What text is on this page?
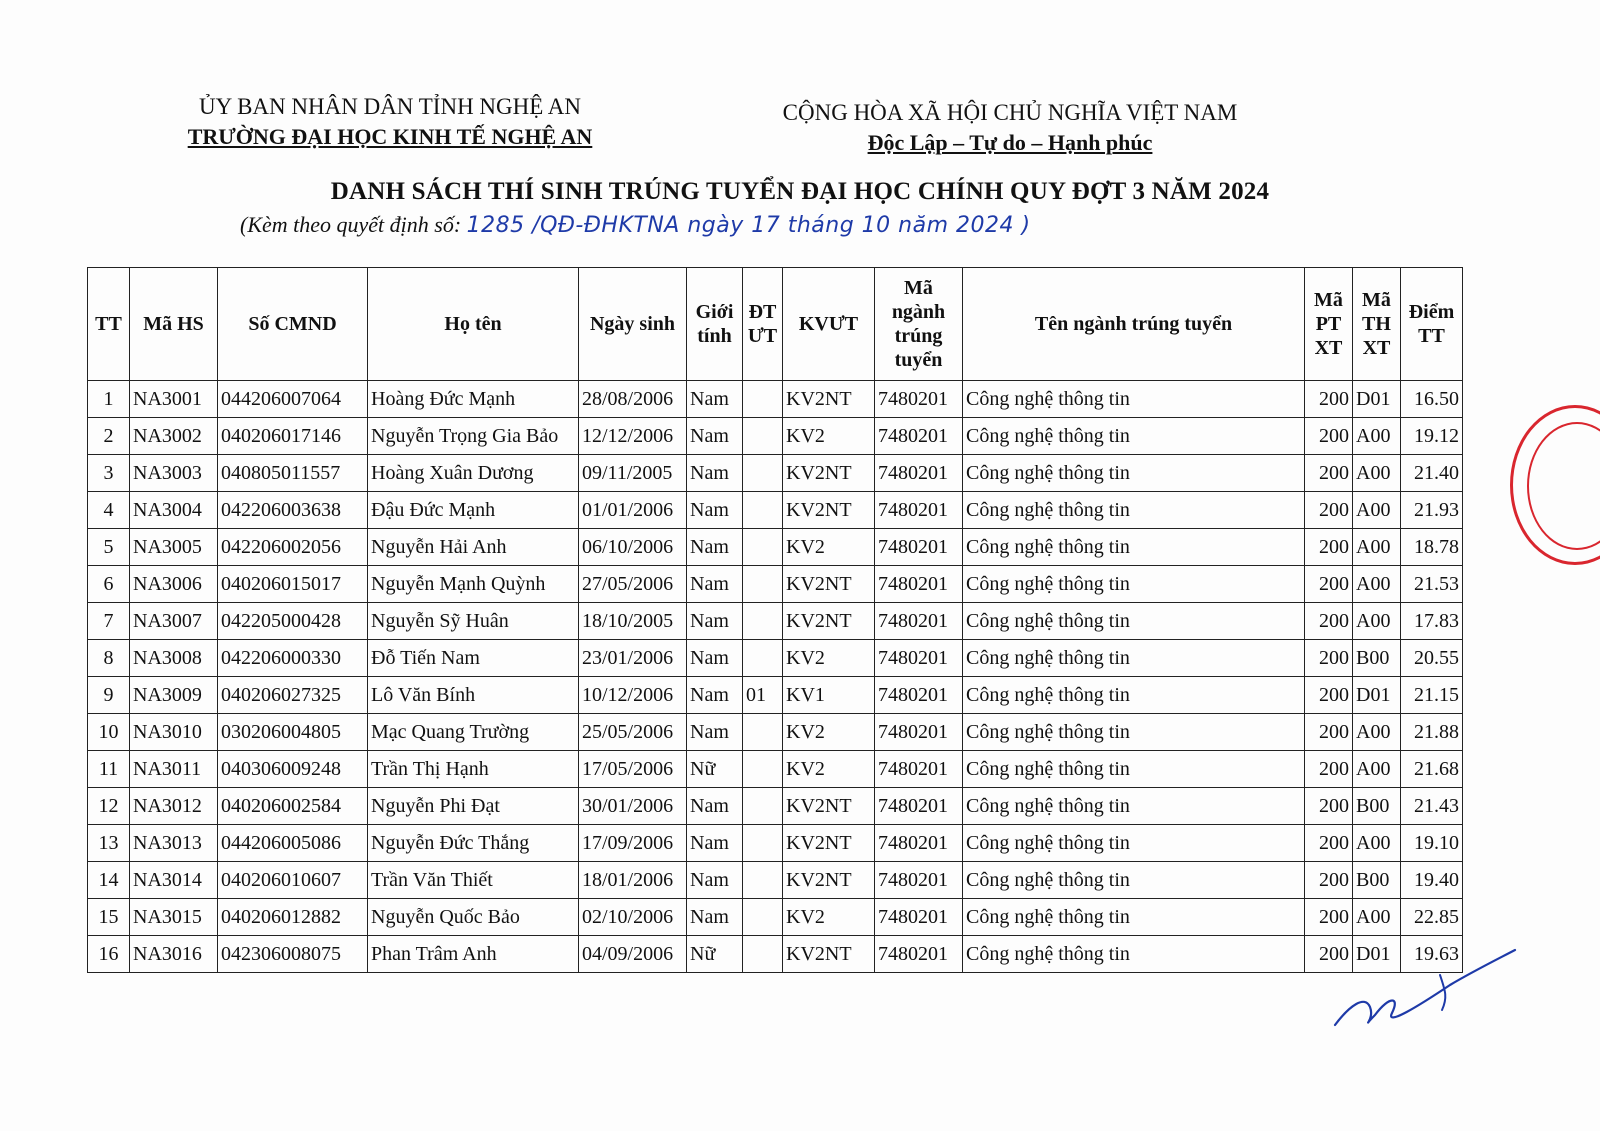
ỦY BAN NHÂN DÂN TỈNH NGHỆ AN
TRƯỜNG ĐẠI HỌC KINH TẾ NGHỆ AN
CỘNG HÒA XÃ HỘI CHỦ NGHĨA VIỆT NAM
Độc Lập – Tự do – Hạnh phúc
DANH SÁCH THÍ SINH TRÚNG TUYỂN ĐẠI HỌC CHÍNH QUY ĐỢT 3 NĂM 2024
(Kèm theo quyết định số: 1285 /QĐ-ĐHKTNA ngày 17 tháng 10 năm 2024 )
TT	Mã HS	Số CMND	Họ tên	Ngày sinh	Giới tính	ĐT ƯT	KVƯT	Mã ngành trúng tuyển	Tên ngành trúng tuyển	Mã PT XT	Mã TH XT	Điểm TT
1	NA3001	044206007064	Hoàng Đức Mạnh	28/08/2006	Nam		KV2NT	7480201	Công nghệ thông tin	200	D01	16.50
2	NA3002	040206017146	Nguyễn Trọng Gia Bảo	12/12/2006	Nam		KV2	7480201	Công nghệ thông tin	200	A00	19.12
3	NA3003	040805011557	Hoàng Xuân Dương	09/11/2005	Nam		KV2NT	7480201	Công nghệ thông tin	200	A00	21.40
4	NA3004	042206003638	Đậu Đức Mạnh	01/01/2006	Nam		KV2NT	7480201	Công nghệ thông tin	200	A00	21.93
5	NA3005	042206002056	Nguyễn Hải Anh	06/10/2006	Nam		KV2	7480201	Công nghệ thông tin	200	A00	18.78
6	NA3006	040206015017	Nguyễn Mạnh Quỳnh	27/05/2006	Nam		KV2NT	7480201	Công nghệ thông tin	200	A00	21.53
7	NA3007	042205000428	Nguyễn Sỹ Huân	18/10/2005	Nam		KV2NT	7480201	Công nghệ thông tin	200	A00	17.83
8	NA3008	042206000330	Đỗ Tiến Nam	23/01/2006	Nam		KV2	7480201	Công nghệ thông tin	200	B00	20.55
9	NA3009	040206027325	Lô Văn Bính	10/12/2006	Nam	01	KV1	7480201	Công nghệ thông tin	200	D01	21.15
10	NA3010	030206004805	Mạc Quang Trường	25/05/2006	Nam		KV2	7480201	Công nghệ thông tin	200	A00	21.88
11	NA3011	040306009248	Trần Thị Hạnh	17/05/2006	Nữ		KV2	7480201	Công nghệ thông tin	200	A00	21.68
12	NA3012	040206002584	Nguyễn Phi Đạt	30/01/2006	Nam		KV2NT	7480201	Công nghệ thông tin	200	B00	21.43
13	NA3013	044206005086	Nguyễn Đức Thắng	17/09/2006	Nam		KV2NT	7480201	Công nghệ thông tin	200	A00	19.10
14	NA3014	040206010607	Trần Văn Thiết	18/01/2006	Nam		KV2NT	7480201	Công nghệ thông tin	200	B00	19.40
15	NA3015	040206012882	Nguyễn Quốc Bảo	02/10/2006	Nam		KV2	7480201	Công nghệ thông tin	200	A00	22.85
16	NA3016	042306008075	Phan Trâm Anh	04/09/2006	Nữ		KV2NT	7480201	Công nghệ thông tin	200	D01	19.63
